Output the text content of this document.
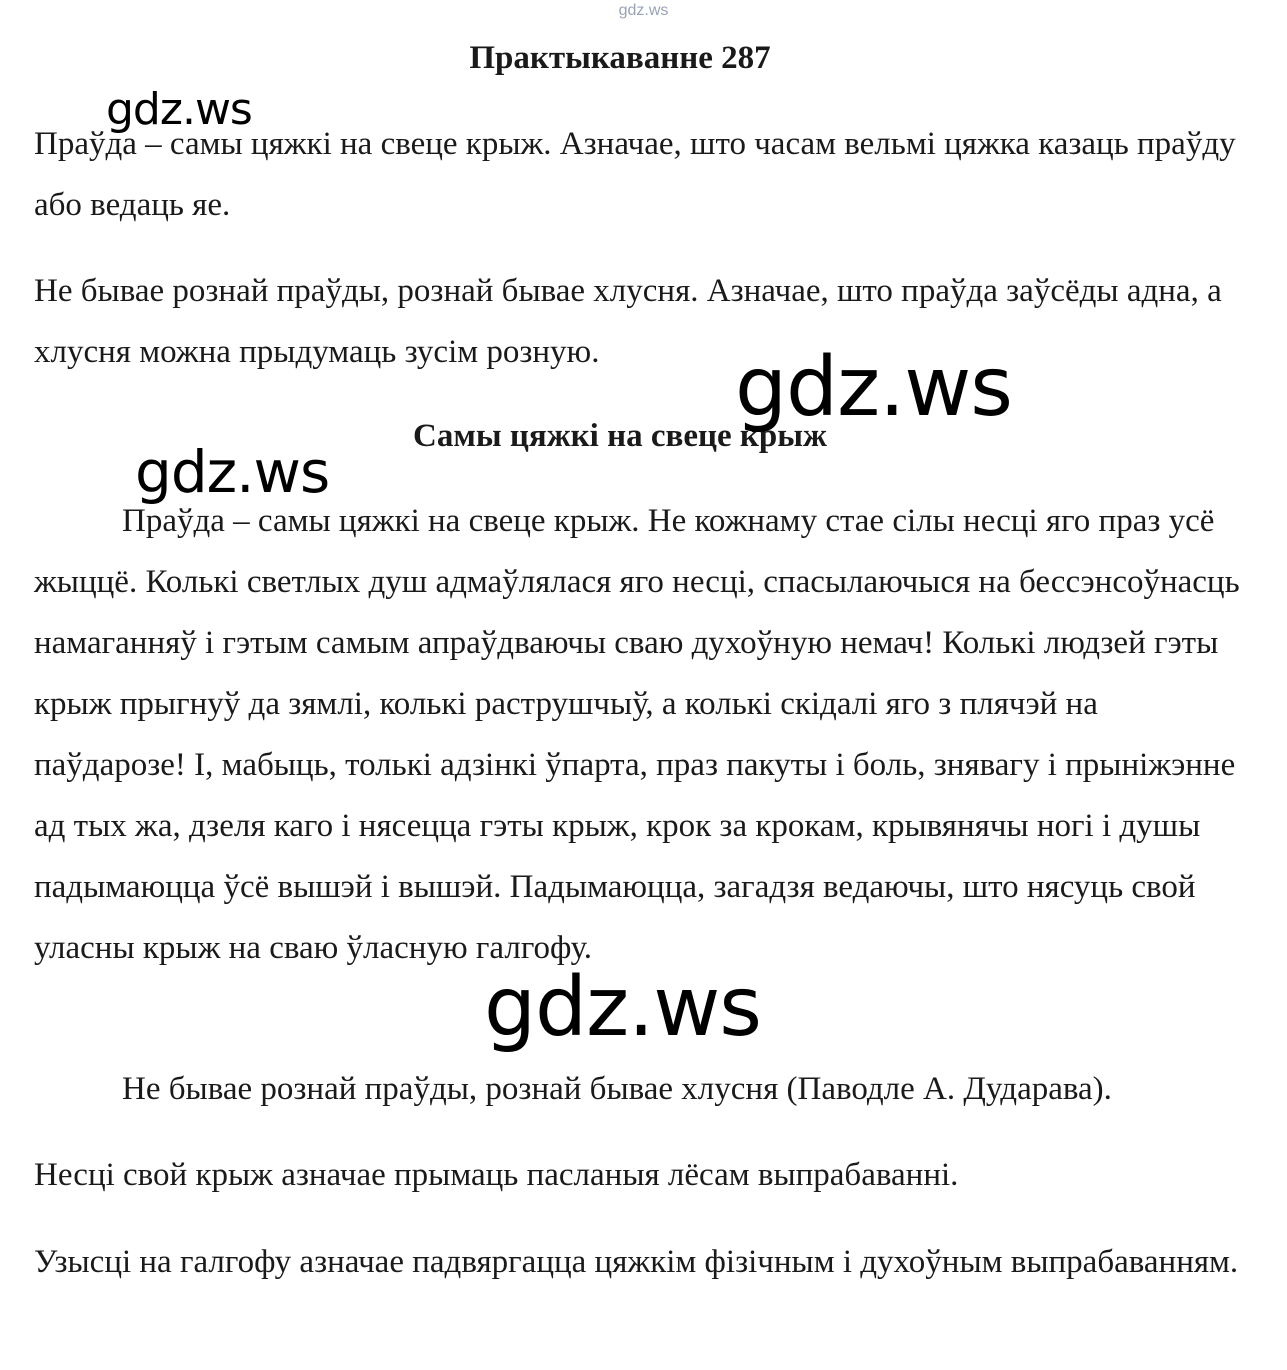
gdz.ws
Практыкаванне 287

Праўда – самы цяжкі на свеце крыж. Азначае, што часам вельмі цяжка казаць праўду або ведаць яе.

Не бывае рознай праўды, рознай бывае хлусня. Азначае, што праўда заўсёды адна, а хлусня можна прыдумаць зусім розную.

Самы цяжкі на свеце крыж

Праўда – самы цяжкі на свеце крыж. Не кожнаму стае сілы несці яго праз усё жыццё. Колькі светлых душ адмаўлялася яго несці, спасылаючыся на бессэнсоўнасць намаганняў і гэтым самым апраўдваючы сваю духоўную немач! Колькі людзей гэты крыж прыгнуў да зямлі, колькі раструшчыў, а колькі скідалі яго з плячэй на паўдарозе! І, мабыць, толькі адзінкі ўпарта, праз пакуты і боль, знявагу і прыніжэнне ад тых жа, дзеля каго і нясецца гэты крыж, крок за крокам, крывянячы ногі і душы падымаюцца ўсё вышэй і вышэй. Падымаюцца, загадзя ведаючы, што нясуць свой уласны крыж на сваю ўласную галгофу.

Не бывае рознай праўды, рознай бывае хлусня (Паводле А. Дударава).

Несці свой крыж азначае прымаць пасланыя лёсам выпрабаванні.

Узысці на галгофу азначае падвяргацца цяжкім фізічным і духоўным выпрабаванням.

gdz.ws
gdz.ws
gdz.ws
gdz.ws
